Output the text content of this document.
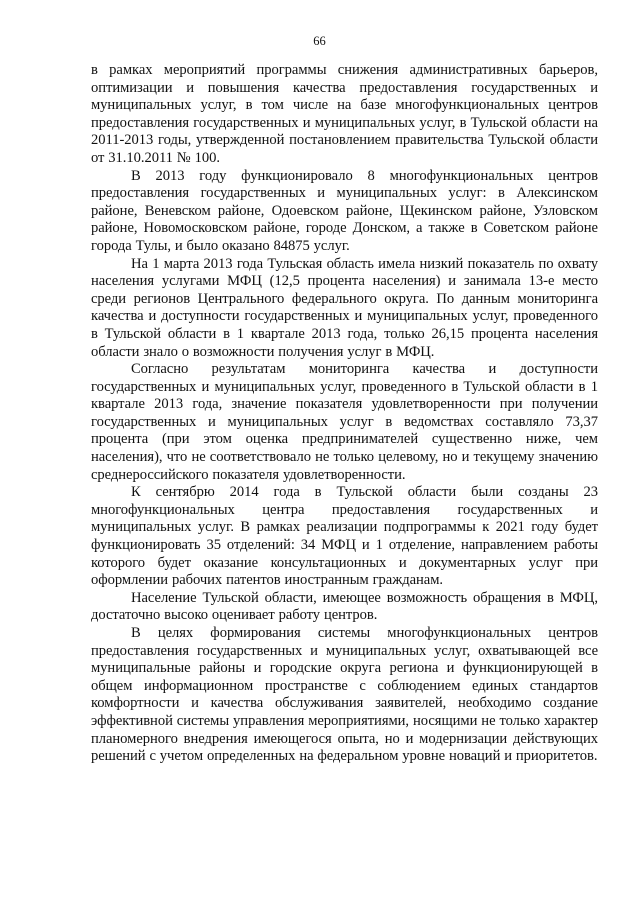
66

в рамках мероприятий программы снижения административных барьеров, оптимизации и повышения качества предоставления государственных и муниципальных услуг, в том числе на базе многофункциональных центров предоставления государственных и муниципальных услуг, в Тульской области на 2011-2013 годы, утвержденной постановлением правительства Тульской области от 31.10.2011 № 100.

В 2013 году функционировало 8 многофункциональных центров предоставления государственных и муниципальных услуг: в Алексинском районе, Веневском районе, Одоевском районе, Щекинском районе, Узловском районе, Новомосковском районе, городе Донском, а также в Советском районе города Тулы, и было оказано 84875 услуг.

На 1 марта 2013 года Тульская область имела низкий показатель по охвату населения услугами МФЦ (12,5 процента населения) и занимала 13-е место среди регионов Центрального федерального округа. По данным мониторинга качества и доступности государственных и муниципальных услуг, проведенного в Тульской области в 1 квартале 2013 года, только 26,15 процента населения области знало о возможности получения услуг в МФЦ.

Согласно результатам мониторинга качества и доступности государственных и муниципальных услуг, проведенного в Тульской области в 1 квартале 2013 года, значение показателя удовлетворенности при получении государственных и муниципальных услуг в ведомствах составляло 73,37 процента (при этом оценка предпринимателей существенно ниже, чем населения), что не соответствовало не только целевому, но и текущему значению среднероссийского показателя удовлетворенности.

К сентябрю 2014 года в Тульской области были созданы 23 многофункциональных центра предоставления государственных и муниципальных услуг. В рамках реализации подпрограммы к 2021 году будет функционировать 35 отделений: 34 МФЦ и 1 отделение, направлением работы которого будет оказание консультационных и документарных услуг при оформлении рабочих патентов иностранным гражданам.

Население Тульской области, имеющее возможность обращения в МФЦ, достаточно высоко оценивает работу центров.

В целях формирования системы многофункциональных центров предоставления государственных и муниципальных услуг, охватывающей все муниципальные районы и городские округа региона и функционирующей в общем информационном пространстве с соблюдением единых стандартов комфортности и качества обслуживания заявителей, необходимо создание эффективной системы управления мероприятиями, носящими не только характер планомерного внедрения имеющегося опыта, но и модернизации действующих решений с учетом определенных на федеральном уровне новаций и приоритетов.
